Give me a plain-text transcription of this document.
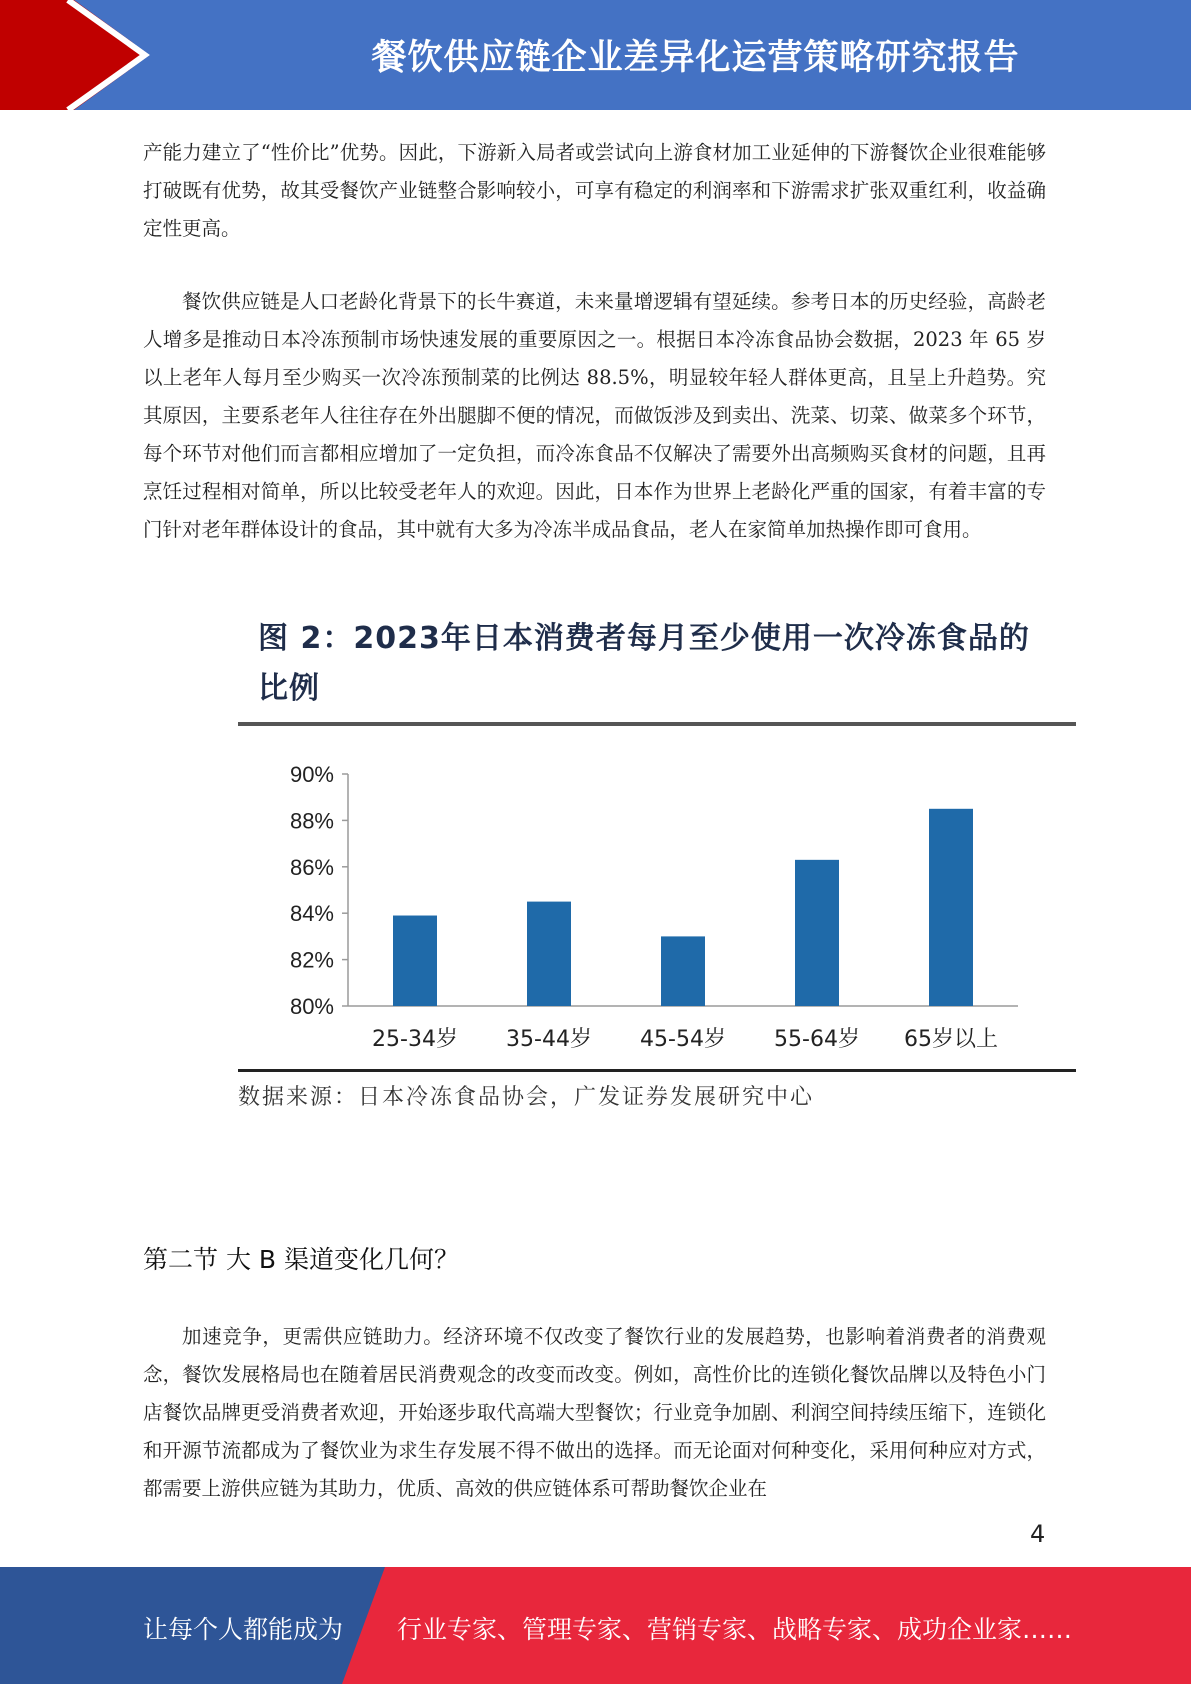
餐饮供应链企业差异化运营策略研究报告

产能力建立了“性价比”优势。因此，下游新入局者或尝试向上游食材加工业延伸的下游餐饮企业很难能够打破既有优势，故其受餐饮产业链整合影响较小，可享有稳定的利润率和下游需求扩张双重红利，收益确定性更高。

餐饮供应链是人口老龄化背景下的长牛赛道，未来量增逻辑有望延续。参考日本的历史经验，高龄老人增多是推动日本冷冻预制市场快速发展的重要原因之一。根据日本冷冻食品协会数据，2023 年 65 岁以上老年人每月至少购买一次冷冻预制菜的比例达 88.5%，明显较年轻人群体更高，且呈上升趋势。究其原因，主要系老年人往往存在外出腿脚不便的情况，而做饭涉及到卖出、洗菜、切菜、做菜多个环节，每个环节对他们而言都相应增加了一定负担，而冷冻食品不仅解决了需要外出高频购买食材的问题，且再烹饪过程相对简单，所以比较受老年人的欢迎。因此，日本作为世界上老龄化严重的国家，有着丰富的专门针对老年群体设计的食品，其中就有大多为冷冻半成品食品，老人在家简单加热操作即可食用。

图 2：2023年日本消费者每月至少使用一次冷冻食品的比例
80%
82%
84%
86%
88%
90%
25-34岁 35-44岁 45-54岁 55-64岁 65岁以上
数据来源：日本冷冻食品协会，广发证券发展研究中心
第二节 大 B 渠道变化几何？

加速竞争，更需供应链助力。经济环境不仅改变了餐饮行业的发展趋势，也影响着消费者的消费观念，餐饮发展格局也在随着居民消费观念的改变而改变。例如，高性价比的连锁化餐饮品牌以及特色小门店餐饮品牌更受消费者欢迎，开始逐步取代高端大型餐饮；行业竞争加剧、利润空间持续压缩下，连锁化和开源节流都成为了餐饮业为求生存发展不得不做出的选择。而无论面对何种变化，采用何种应对方式，都需要上游供应链为其助力，优质、高效的供应链体系可帮助餐饮企业在

4
让每个人都能成为 行业专家、管理专家、营销专家、战略专家、成功企业家……
